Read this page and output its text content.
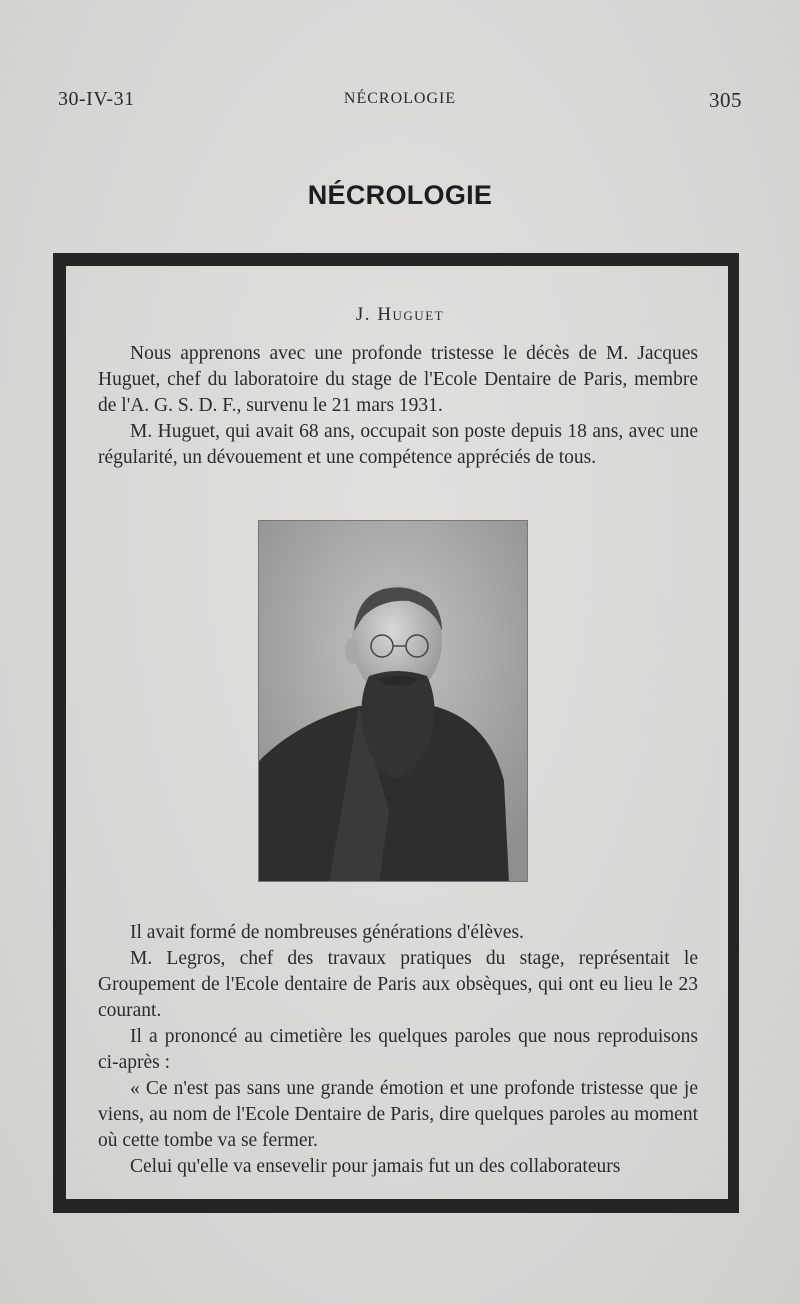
30-IV-31	NÉCROLOGIE	305
NÉCROLOGIE
J. Huguet

Nous apprenons avec une profonde tristesse le décès de M. Jacques Huguet, chef du laboratoire du stage de l'Ecole Dentaire de Paris, membre de l'A. G. S. D. F., survenu le 21 mars 1931.

M. Huguet, qui avait 68 ans, occupait son poste depuis 18 ans, avec une régularité, un dévouement et une compétence appréciés de tous.

Il avait formé de nombreuses générations d'élèves.

M. Legros, chef des travaux pratiques du stage, représentait le Groupement de l'Ecole dentaire de Paris aux obsèques, qui ont eu lieu le 23 courant.

Il a prononcé au cimetière les quelques paroles que nous reproduisons ci-après :

« Ce n'est pas sans une grande émotion et une profonde tristesse que je viens, au nom de l'Ecole Dentaire de Paris, dire quelques paroles au moment où cette tombe va se fermer.

Celui qu'elle va ensevelir pour jamais fut un des collaborateurs
